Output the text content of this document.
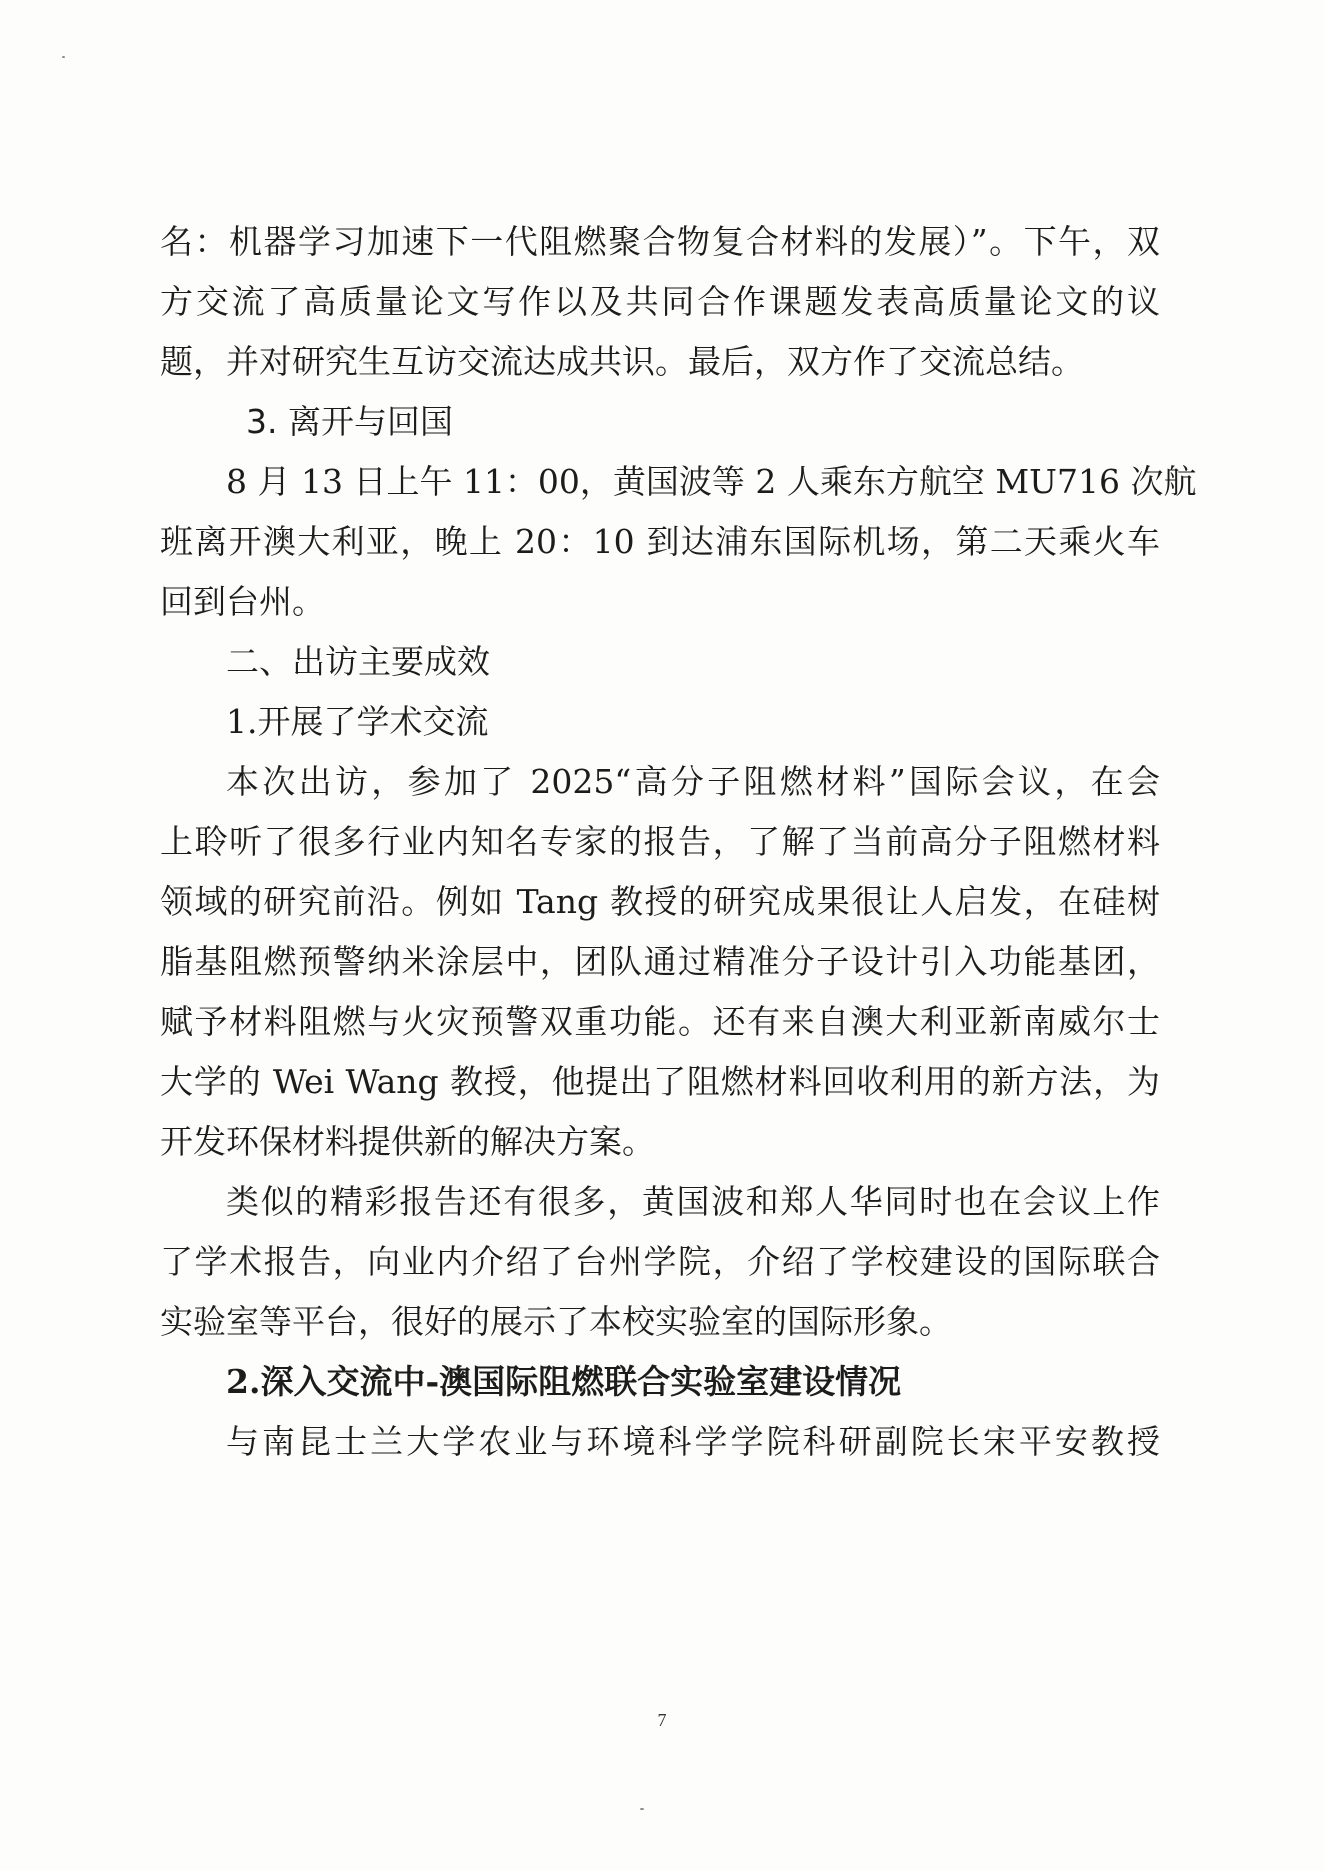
名：机器学习加速下一代阻燃聚合物复合材料的发展）”。下午，双
方交流了高质量论文写作以及共同合作课题发表高质量论文的议
题，并对研究生互访交流达成共识。最后，双方作了交流总结。
3. 离开与回国
8 月 13 日上午 11：00，黄国波等 2 人乘东方航空 MU716 次航
班离开澳大利亚，晚上 20：10 到达浦东国际机场，第二天乘火车
回到台州。
二、出访主要成效
1.开展了学术交流
本次出访，参加了 2025“高分子阻燃材料”国际会议，在会
上聆听了很多行业内知名专家的报告，了解了当前高分子阻燃材料
领域的研究前沿。例如 Tang 教授的研究成果很让人启发，在硅树
脂基阻燃预警纳米涂层中，团队通过精准分子设计引入功能基团，
赋予材料阻燃与火灾预警双重功能。还有来自澳大利亚新南威尔士
大学的 Wei Wang 教授，他提出了阻燃材料回收利用的新方法，为
开发环保材料提供新的解决方案。
类似的精彩报告还有很多，黄国波和郑人华同时也在会议上作
了学术报告，向业内介绍了台州学院，介绍了学校建设的国际联合
实验室等平台，很好的展示了本校实验室的国际形象。
2.深入交流中-澳国际阻燃联合实验室建设情况
与南昆士兰大学农业与环境科学学院科研副院长宋平安教授
7
